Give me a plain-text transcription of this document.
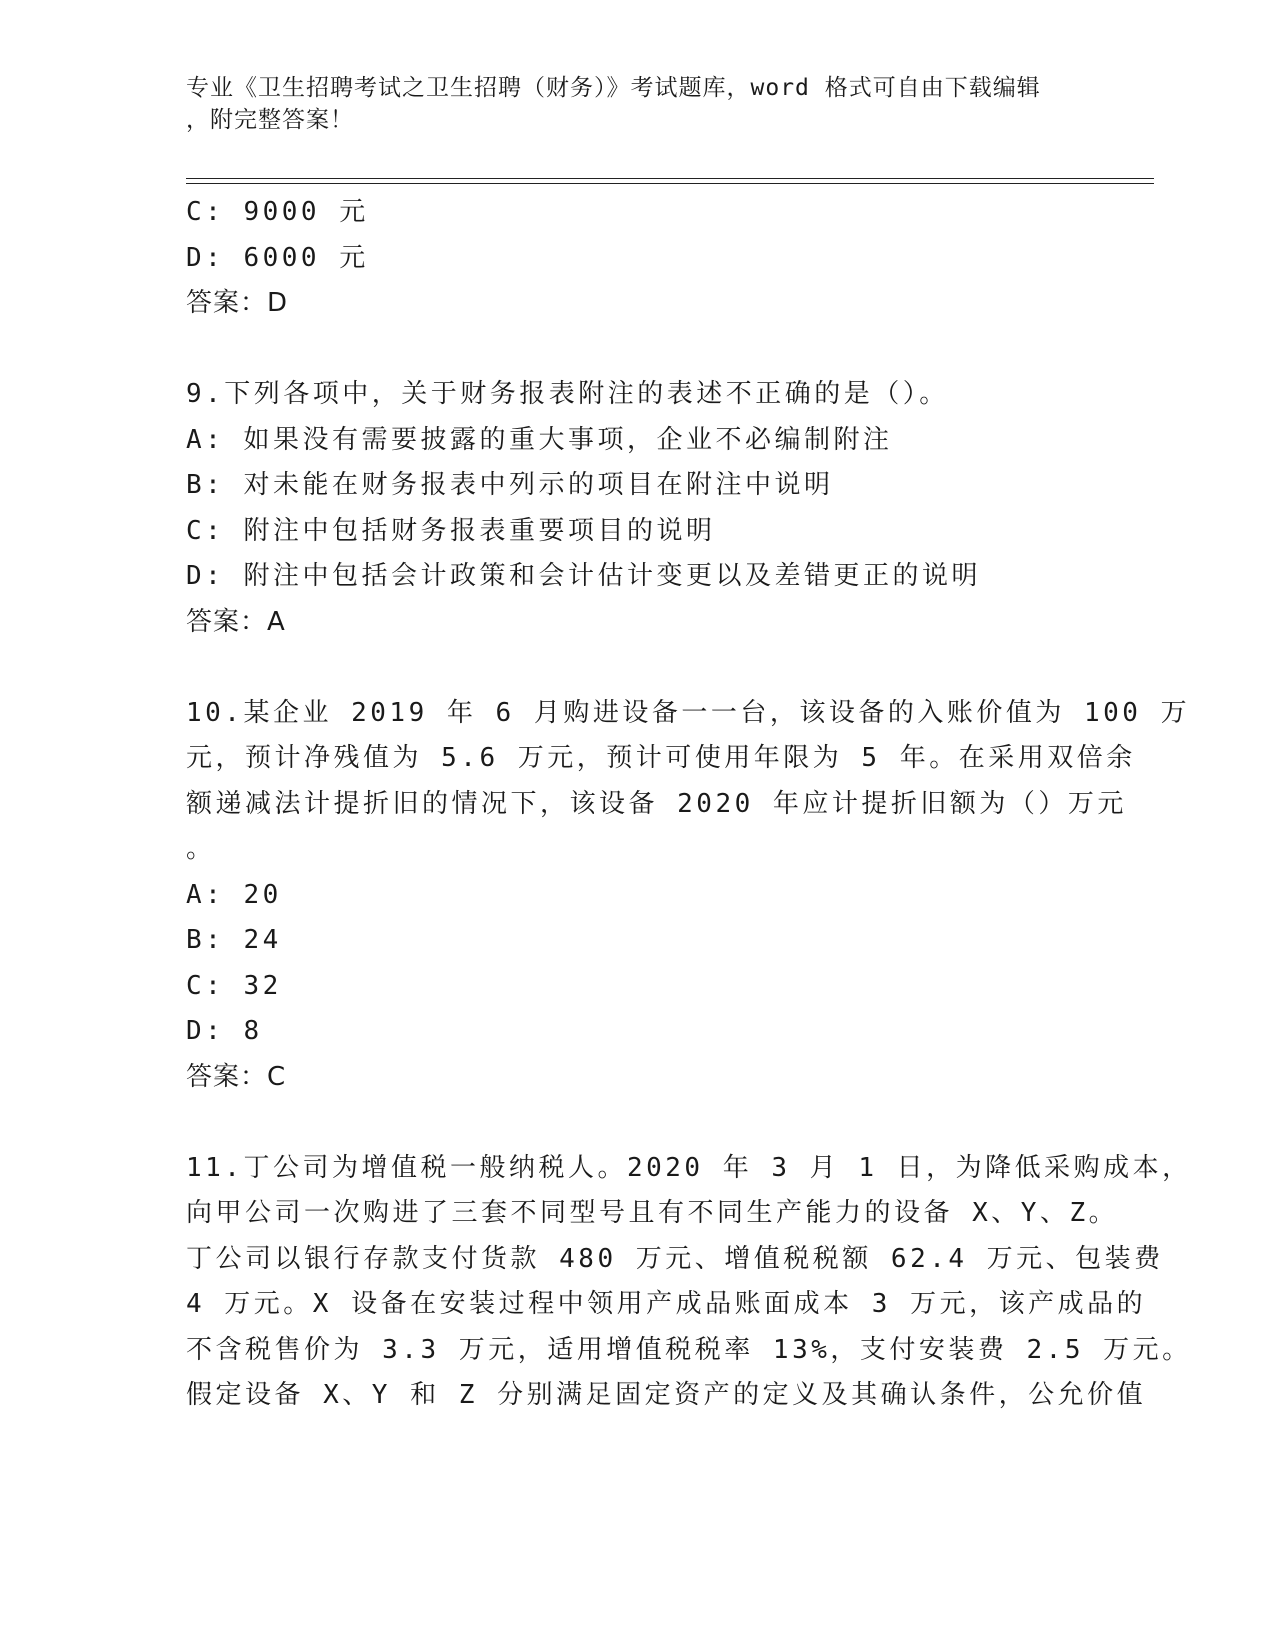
专业《卫生招聘考试之卫生招聘（财务）》考试题库，word 格式可自由下载编辑
，附完整答案！
C: 9000 元
D: 6000 元
答案：D
9.下列各项中，关于财务报表附注的表述不正确的是（）。
A: 如果没有需要披露的重大事项，企业不必编制附注
B: 对未能在财务报表中列示的项目在附注中说明
C: 附注中包括财务报表重要项目的说明
D: 附注中包括会计政策和会计估计变更以及差错更正的说明
答案：A
10.某企业 2019 年 6 月购进设备一一台，该设备的入账价值为 100 万
元，预计净残值为 5.6 万元，预计可使用年限为 5 年。在采用双倍余
额递减法计提折旧的情况下，该设备 2020 年应计提折旧额为（）万元
。
A: 20
B: 24
C: 32
D: 8
答案：C
11.丁公司为增值税一般纳税人。2020 年 3 月 1 日，为降低采购成本，
向甲公司一次购进了三套不同型号且有不同生产能力的设备 X、Y、Z。
丁公司以银行存款支付货款 480 万元、增值税税额 62.4 万元、包装费
4 万元。X 设备在安装过程中领用产成品账面成本 3 万元，该产成品的
不含税售价为 3.3 万元，适用增值税税率 13%，支付安装费 2.5 万元。
假定设备 X、Y 和 Z 分别满足固定资产的定义及其确认条件，公允价值
